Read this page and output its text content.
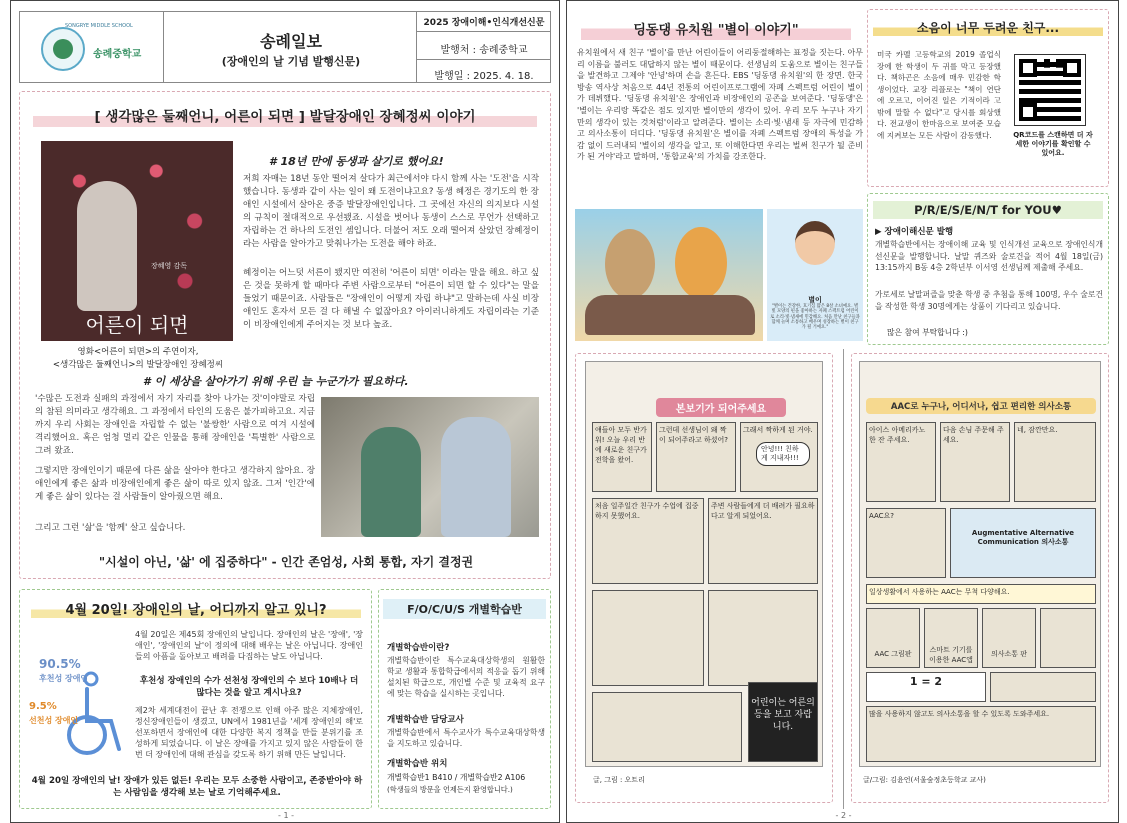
SONGRYE MIDDLE SCHOOL
송례중학교
송례일보
(장애인의 날 기념 발행신문)
2025 장애이해•인식개선신문
발행처 : 송례중학교
발행일 : 2025. 4. 18.
[ 생각많은 둘째언니, 어른이 되면 ] 발달장애인 장혜정씨 이야기
장혜영 감독
어른이 되면
영화<어른이 되면>의 주연이자,
<생각많은 둘째언니>의 발달장애인 장혜정씨
# 18년 만에 동생과 살기로 했어요!
저희 자매는 18년 동안 떨어져 살다가 최근에서야 다시 함께 사는 '도전'을 시작했습니다. 동생과 같이 사는 일이 왜 도전이냐고요? 동생 혜정은 경기도의 한 장애인 시설에서 살아온 중증 발달장애인입니다. 그 곳에선 자신의 의지보다 시설의 규칙이 절대적으로 우선됐죠. 시설을 벗어나 동생이 스스로 무언가 선택하고 자립하는 건 하나의 도전인 셈입니다. 더불어 저도 오래 떨어져 살았던 장혜정이라는 사람을 알아가고 맞춰나가는 도전을 해야 하죠.
혜정이는 어느덧 서른이 됐지만 여전히 '어른이 되면' 이라는 말을 해요. 하고 싶은 것을 못하게 할 때마다 주변 사람으로부터 "어른이 되면 할 수 있다"는 말을 들었기 때문이죠. 사람들은 "장애인이 어떻게 자립 하냐"고 말하는데 사실 비장애인도 혼자서 모든 걸 다 해낼 수 없잖아요? 아이러니하게도 자립이라는 기준이 비장애인에게 주어지는 것 보다 높죠.
# 이 세상을 살아가기 위해 우린 늘 누군가가 필요하다.
'수많은 도전과 실패의 과정에서 자기 자리를 찾아 나가는 것'이야말로 자립의 참된 의미라고 생각해요. 그 과정에서 타인의 도움은 불가피하고요. 지금까지 우리 사회는 장애인을 자립할 수 없는 '불쌍한' 사람으로 여겨 시설에 격리했어요. 혹은 엄청 멀리 같은 인물을 통해 장애인을 '특별한' 사람으로 그려 왔죠.
그렇지만 장애인이기 때문에 다른 삶을 살아야 한다고 생각하지 않아요. 장애인에게 좋은 삶과 비장애인에게 좋은 삶이 따로 있지 않죠. 그저 '인간'에게 좋은 삶이 있다는 걸 사람들이 알아줬으면 해요.
그리고 그런 '삶'을 '함께' 살고 싶습니다.
"시설이 아닌, '삶' 에 집중하다" - 인간 존엄성, 사회 통합, 자기 결정권
4월 20일! 장애인의 날, 어디까지 알고 있니?
90.5%
후천성 장애인
9.5%
선천성 장애인
4월 20일은 제45회 장애인의 날입니다. 장애인의 날은 '장애', '장애인', '장애인의 날'이 정의에 대해 배우는 날은 아닙니다. 장애인들의 아픔을 돌아보고 배려를 다짐하는 날도 아닙니다.
후천성 장애인의 수가 선천성 장애인의 수 보다 10배나 더 많다는 것을 알고 계시나요?
제2차 세계대전이 끝난 후 전쟁으로 인해 아주 많은 지체장애인, 정신장애인들이 생겼고, UN에서 1981년을 '세계 장애인의 해'로 선포하면서 장애인에 대한 다양한 복지 정책을 만들 분위기를 조성하게 되었습니다. 이 날은 장애를 가지고 있지 않은 사람들이 한 번 더 장애인에 대해 관심을 갖도록 하기 위해 만든 날입니다.
4월 20일 장애인의 날! 장애가 있든 없든! 우리는 모두 소중한 사람이고, 존중받아야 하는 사람임을 생각해 보는 날로 기억해주세요.
F/O/C/U/S 개별학습반
개별학습반이란?
개별학습반이란 특수교육대상학생의 원활한 학교 생활과 통합학급에서의 적응을 돕기 위해 설치된 학급으로, 개인별 수준 및 교육적 요구에 맞는 학습을 실시하는 곳입니다.
개별학습반 담당교사
개별학습반에서 특수교사가 특수교육대상학생을 지도하고 있습니다.
개별학습반 위치
개별학습반1 B410 / 개별학습반2 A106
(학생들의 방문을 언제든지 환영합니다.)
- 1 -
딩동댕 유치원 "별이 이야기"
유치원에서 새 친구 '별이'를 만난 어린이들이 어리둥절해하는 표정을 짓는다. 아무리 이름을 불러도 대답하지 않는 별이 때문이다. 선생님의 도움으로 별이는 친구들을 발견하고 그제야 '안녕'하며 손을 흔든다. EBS '딩동댕 유치원'의 한 장면. 한국 방송 역사상 처음으로 44년 전통의 어린이프로그램에 자폐 스펙트럼 어린이 별이가 데뷔했다. '딩동댕 유치원'은 장애인과 비장애인의 공존을 보여준다. '딩동댕'은 '별이는 우리랑 똑같은 점도 있지만 별이만의 생각이 있어. 우리 모두 누구나 자기만의 생각이 있는 것처럼'이라고 알려준다. 별이는 소리·빛·냄새 등 자극에 민감하고 의사소통이 더디다. '딩동댕 유치원'은 별이를 자폐 스펙트럼 장애의 특성을 가감 없이 드러내되 '별이의 생각을 알고, 또 이해한다면 우리는 벌써 친구가 될 준비가 된 거야'라고 말하며, '통합교육'의 가치를 강조한다.
별이
"별이는 건강한, 호기심 많은 8살 소녀예요. 별빛 모양의 핀을 좋아하는 자폐 스펙트럼 어린이로 소리·빛·냄새에 민감해요. 처음 만난 친구들과 함께 놀며 소통하고 배우며 성장하는 별이 친구가 될 거예요."
소음이 너무 두려운 친구...
미국 카멜 고등학교의 2019 졸업식장에 한 학생이 두 귀를 막고 등장했다. 책하곤은 소음에 매우 민감한 학생이었다. 교장 리플로는 "책이 연단에 오르고, 이어진 일은 기적이라 고밖에 말할 수 없다"고 당시를 회상했다. 전교생이 한마음으로 보여준 모습에 지켜보는 모든 사람이 감동했다.	QR코드를 스캔하면 더 자세한 이야기를 확인할 수 있어요.
P/R/E/S/E/N/T for YOU♥
▶ 장애이해신문 발행
개별학습반에서는 장애이해 교육 및 인식개선 교육으로 장애인식개선신문을 발행합니다. 날말 퀴즈와 술로건을 적어 4월 18일(금) 13:15까지 B동 4층 2학년부 이서영 선생님께 제출해 주세요.
가로세로 날말퍼즐을 맞춘 학생 중 추첨을 통해 100명, 우수 술로건을 작성한 학생 30명에게는 상품이 기다리고 있습니다.
많은 참여 부탁합니다 :)
본보기가 되어주세요
얘들아 모두 반가워! 오늘 우리 반에 새로운 친구가 전학을 왔어.
그런데 선생님이 왜 짝이 되어주라고 하셨어?
그래서 짝하게 된 거야.
안녕!!! 친하게 지내자!!!
처음 일주일간 친구가 수업에 집중하지 못했어요.
주변 사람들에게 더 배려가 필요하다고 알게 되었어요.
어린이는 어른의 등을 보고 자랍니다.
글, 그림 : 오트리
AAC로 누구나, 어디서나, 쉽고 편리한 의사소통
아이스 아메리카노 한 잔 주세요.
다음 손님 주문해 주세요.
네, 잠깐만요.
AAC요?
Augmentative Alternative Communication 의사소통
일상생활에서 사용하는 AAC는 무척 다양해요.
AAC 그림판	스마트 기기를 이용한 AAC앱
의사소통 판
1 = 2
많을 사용하지 않고도 의사소통을 할 수 있도록 도와주세요.
글/그림: 김윤언(서울숲정초등학교 교사)
- 2 -
